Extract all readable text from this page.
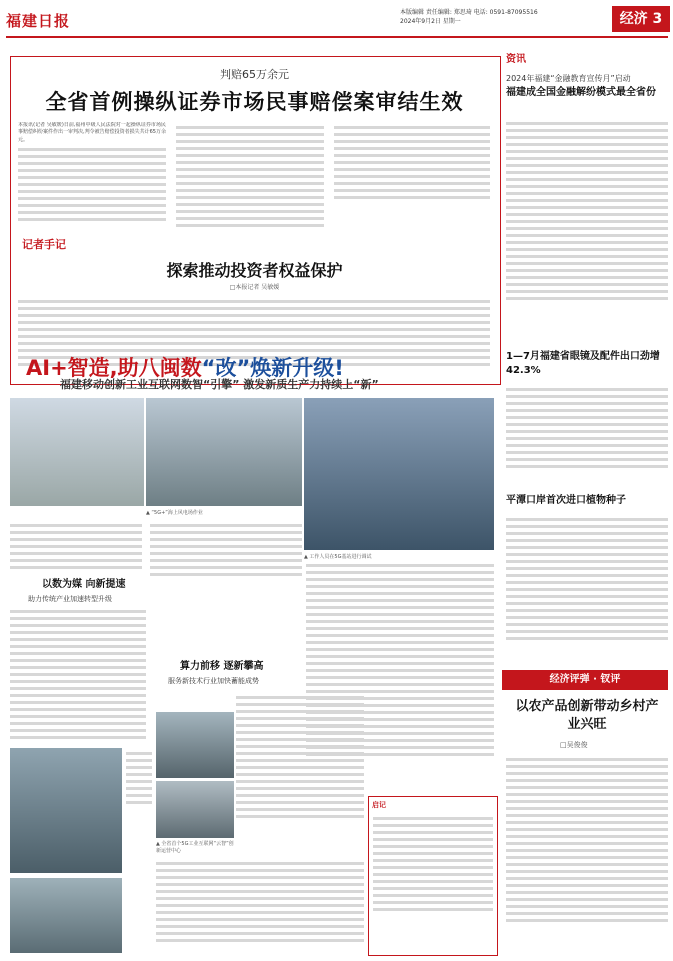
福建日报	本版编辑 责任编辑: 郑思琦 电话: 0591-87095516
2024年9月2日 星期一	经济 3
判赔65万余元
全省首例操纵证券市场民事赔偿案审结生效
本报讯(记者 吴敏媛)日前,福州中级人民法院对一起操纵证券市场民事赔偿纠纷案件作出一审判决,判令被告赔偿投资者损失共计65万余元。
记者手记
探索推动投资者权益保护
□本报记者 吴敏媛
AI+智造,助八闽数“改”焕新升级!
福建移动创新工业互联网数智“引擎” 激发新质生产力持续上“新”
▲ “5G+”海上风电场作业
▲ 工作人员在5G基站进行调试
以数为媒 向新提速
助力传统产业加速转型升级
算力前移 逐新攀高
服务新技术行业加快蓄能成势
▲ 全省首个5G工业互联网“云智”创新运营中心
启记
资讯
2024年福建“金融教育宣传月”启动
福建成全国金融解纷模式最全省份
1—7月福建省眼镜及配件出口劲增42.3%
平潭口岸首次进口植物种子
经济评弹 · 钗评
以农产品创新带动乡村产业兴旺
□吴俊俊
